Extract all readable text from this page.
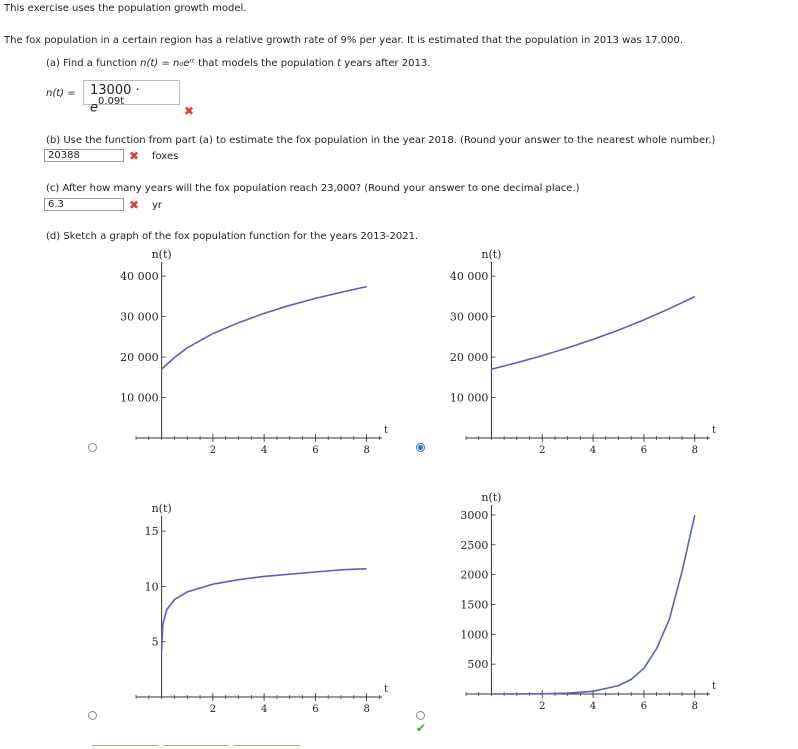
This exercise uses the population growth model.
The fox population in a certain region has a relative growth rate of 9% per year. It is estimated that the population in 2013 was 17,000.
(a) Find a function n(t) = n₀eʳᵗ that models the population t years after 2013.
n(t) =	$13000 \cdot e^{0.09t}$
✖
(b) Use the function from part (a) to estimate the fox population in the year 2018. (Round your answer to the nearest whole number.)
20388	✖ foxes
(c) After how many years will the fox population reach 23,000? (Round your answer to one decimal place.)
6.3	✖ yr
(d) Sketch a graph of the fox population function for the years 2013-2021.
2	4	6	8
t
10 000
20 000
30 000
40 000
n(t)
2	4	6	8
t
10 000
20 000
30 000
40 000
n(t)
2	4	6	8
t
5
10
15
n(t)
2	4	6	8
t
500
1000
1500
2000
2500
3000
n(t)
✔
